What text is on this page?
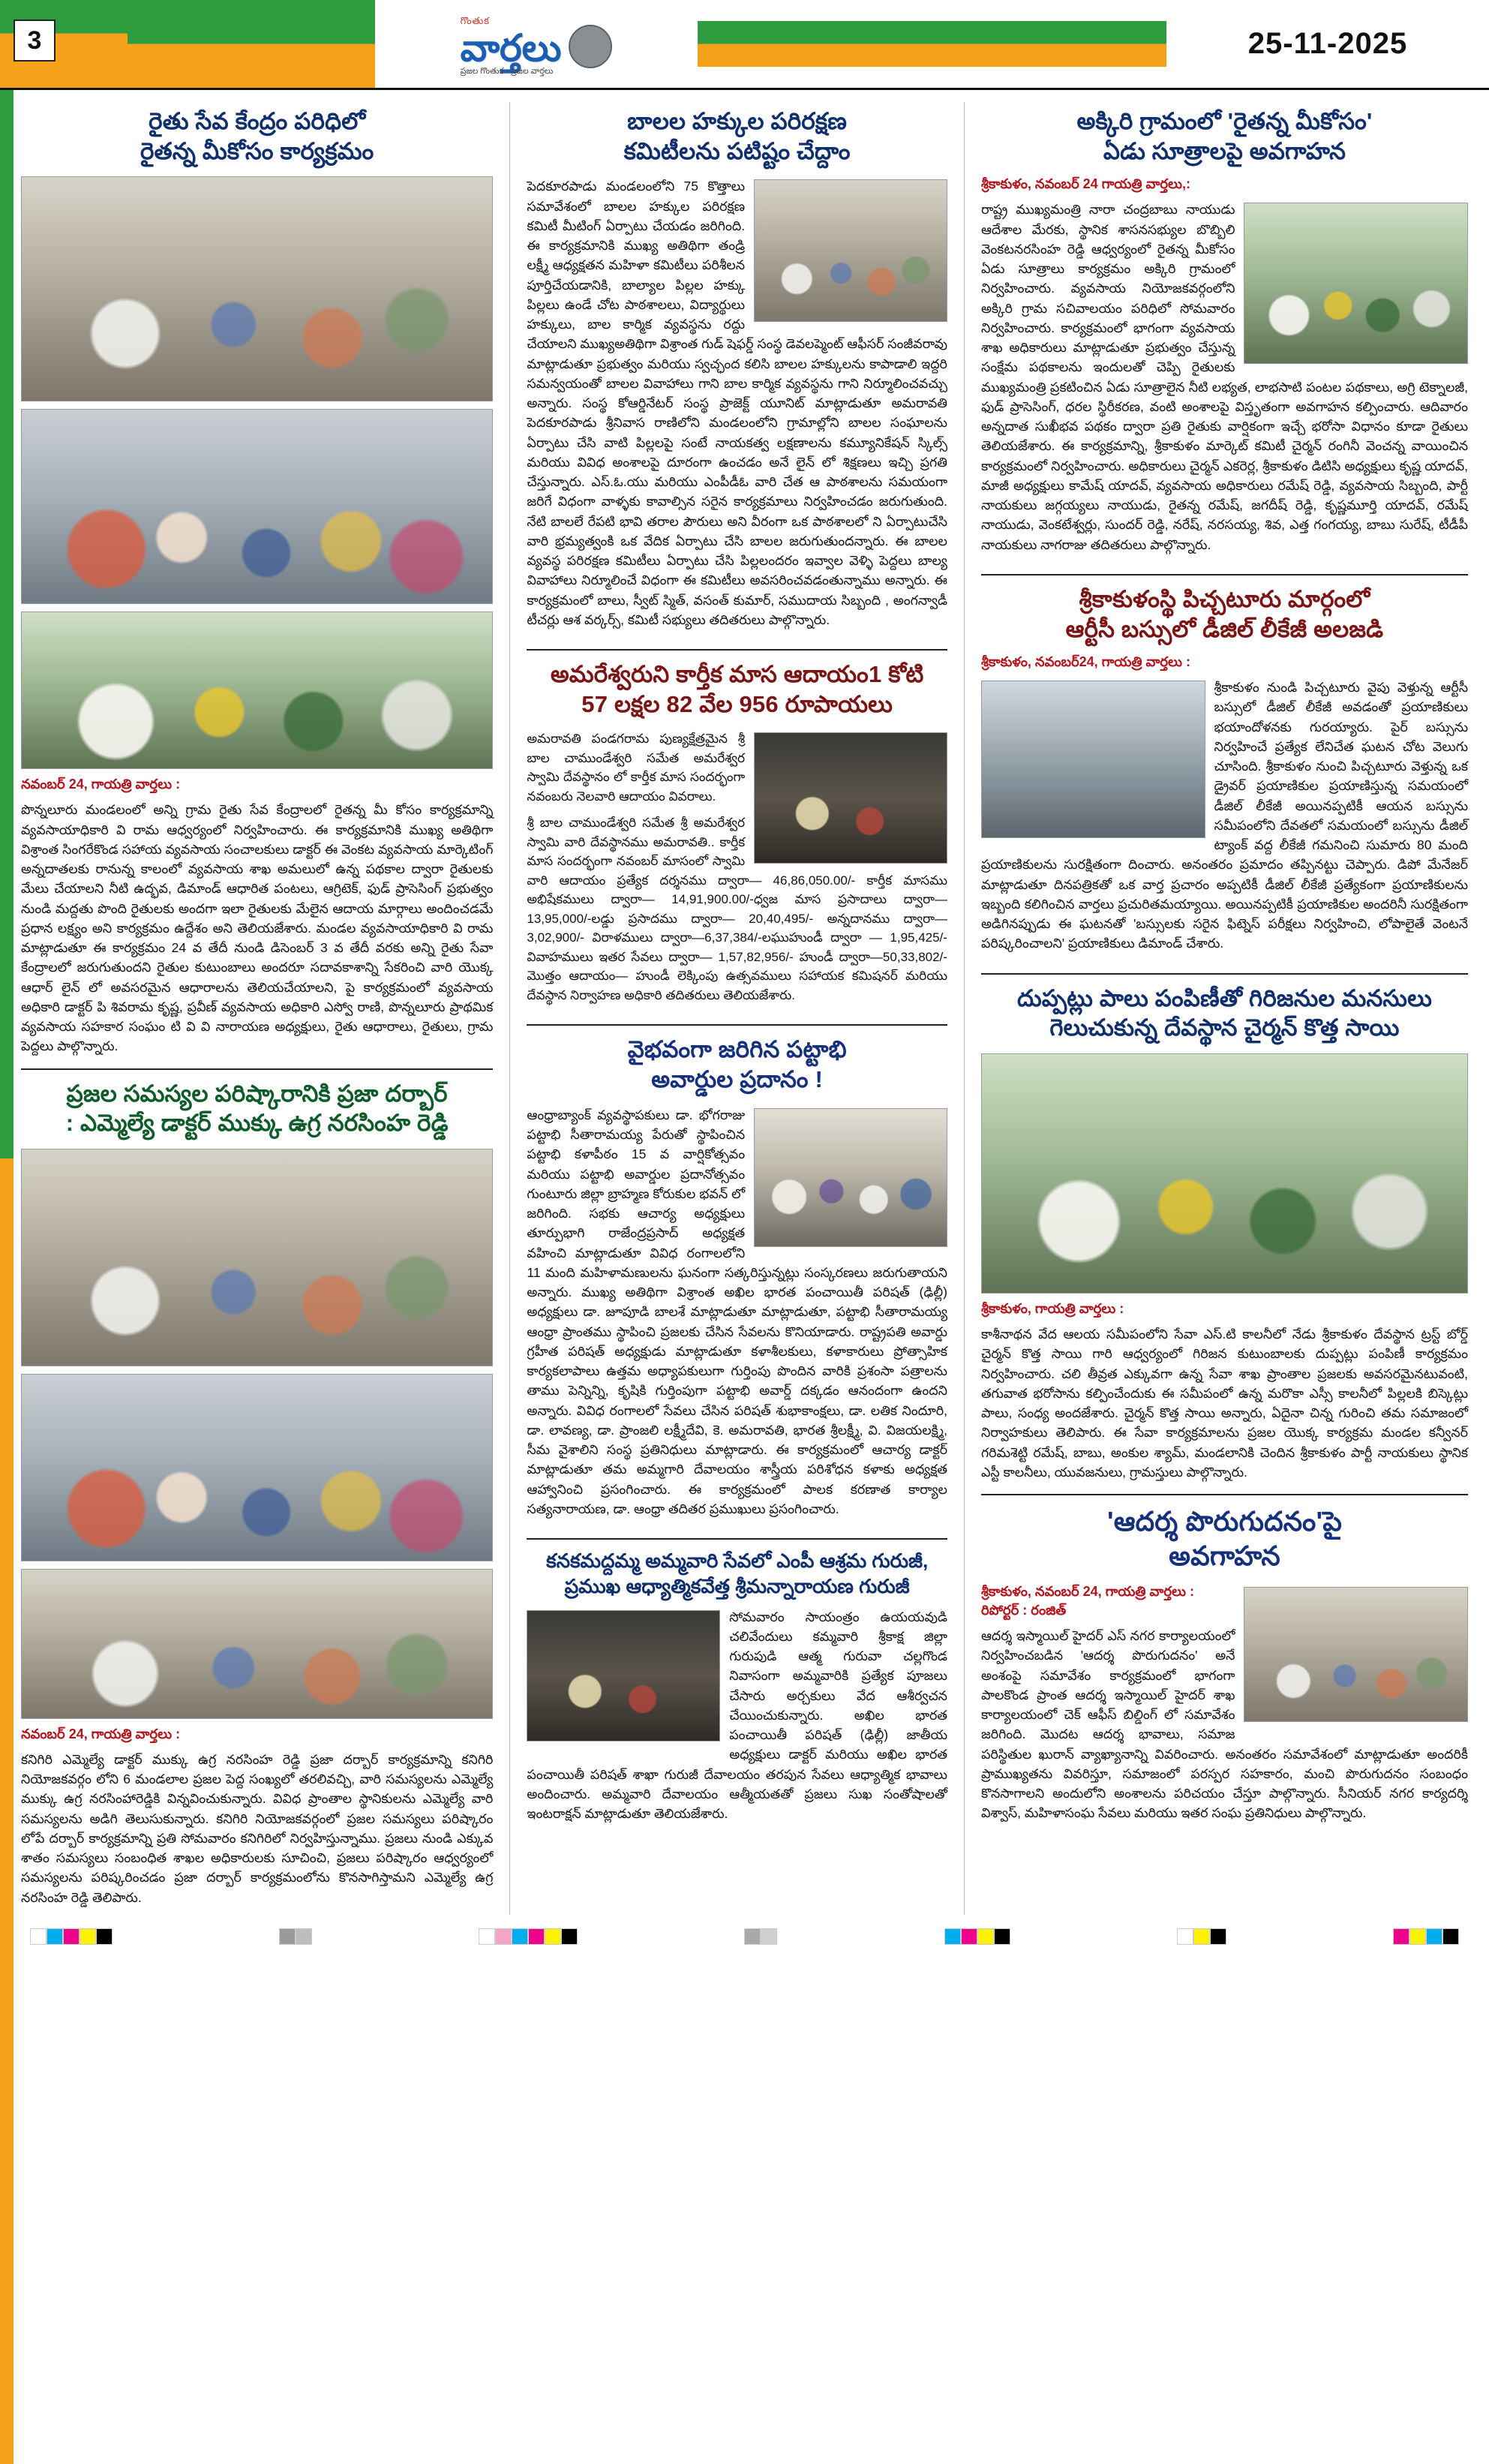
3
గొంతుక
వార్తలు
ప్రజల గొంతుక - ప్రజల వార్తలు
25-11-2025
రైతు సేవ కేంద్రం పరిధిలో
రైతన్న మీకోసం కార్యక్రమం
నవంబర్ 24, గాయత్రి వార్తలు :

పొన్నలూరు మండలంలో అన్ని గ్రామ రైతు సేవ కేంద్రాలలో రైతన్న మీ కోసం కార్యక్రమాన్ని వ్యవసాయాధికారి వి రామ ఆధ్వర్యంలో నిర్వహించారు. ఈ కార్యక్రమానికి ముఖ్య అతిథిగా విశ్రాంత సింగరేకొండ సహాయ వ్యవసాయ సంచాలకులు డాక్టర్ ఈ వెంకట వ్యవసాయ మార్కెటింగ్ అన్నదాతలకు రానున్న కాలంలో వ్యవసాయ శాఖ అమలులో ఉన్న పథకాల ద్వారా రైతులకు మేలు చేయాలని నీటి ఉద్భవ, డిమాండ్ ఆధారిత పంటలు, ఆగ్రిటెక్, ఫుడ్ ప్రాసెసింగ్ ప్రభుత్వం నుండి మద్దతు పొంది రైతులకు అందగా ఇలా రైతులకు మేలైన ఆదాయ మార్గాలు అందించడమే ప్రధాన లక్ష్యం అని కార్యక్రమం ఉద్దేశం అని తెలియజేశారు. మండల వ్యవసాయాధికారి వి రామ మాట్లాడుతూ ఈ కార్యక్రమం 24 వ తేదీ నుండి డిసెంబర్ 3 వ తేదీ వరకు అన్ని రైతు సేవా కేంద్రాలలో జరుగుతుందని రైతుల కుటుంబాలు అందరూ సదావకాశాన్ని సేకరించి వారి యొక్క ఆధార్ లైన్ లో అవసరమైన ఆధారాలను తెలియచేయాలని, పై కార్యక్రమంలో వ్యవసాయ అధికారి డాక్టర్ పి శివరామ కృష్ణ, ప్రవీణ్ వ్యవసాయ అధికారి ఎస్వో రాణి, పొన్నలూరు ప్రాథమిక వ్యవసాయ సహకార సంఘం టి వి వి నారాయణ అధ్యక్షులు, రైతు ఆధారాలు, రైతులు, గ్రామ పెద్దలు పాల్గొన్నారు.

ప్రజల సమస్యల పరిష్కారానికి ప్రజా దర్బార్
: ఎమ్మెల్యే డాక్టర్ ముక్కు ఉగ్ర నరసింహ రెడ్డి
నవంబర్ 24, గాయత్రి వార్తలు :

కనిగిరి ఎమ్మెల్యే డాక్టర్ ముక్కు ఉగ్ర నరసింహ రెడ్డి ప్రజా దర్బార్ కార్యక్రమాన్ని కనిగిరి నియోజకవర్గం లోని 6 మండలాల ప్రజల పెద్ద సంఖ్యలో తరలివచ్చి, వారి సమస్యలను ఎమ్మెల్యే ముక్కు ఉగ్ర నరసింహారెడ్డికి విన్నవించుకున్నారు. వివిధ ప్రాంతాల స్థానికులను ఎమ్మెల్యే వారి సమస్యలను అడిగి తెలుసుకున్నారు. కనిగిరి నియోజకవర్గంలో ప్రజల సమస్యలు పరిష్కారం లోపే దర్బార్ కార్యక్రమాన్ని ప్రతి సోమవారం కనిగిరిలో నిర్వహిస్తున్నాము. ప్రజలు నుండి ఎక్కువ శాతం సమస్యలు సంబంధిత శాఖల అధికారులకు సూచించి, ప్రజలు పరిష్కారం ఆధ్వర్యంలో సమస్యలను పరిష్కరించడం ప్రజా దర్బార్ కార్యక్రమంలోను కొనసాగిస్తామని ఎమ్మెల్యే ఉగ్ర నరసింహ రెడ్డి తెలిపారు.

బాలల హక్కుల పరిరక్షణ
కమిటీలను పటిష్టం చేద్దాం

పెదకూరపాడు మండలంలోని 75 కొత్తాలు సమావేశంలో బాలల హక్కుల పరిరక్షణ కమిటీ మీటింగ్ ఏర్పాటు చేయడం జరిగింది. ఈ కార్యక్రమానికి ముఖ్య అతిథిగా తండ్రి లక్ష్మీ ఆధ్యక్షతన మహిళా కమిటీలు పరిశీలన పూర్తిచేయడానికి, బాల్యాల పిల్లల హక్కు పిల్లలు ఉండే చోట పాఠశాలలు, విద్యార్థులు హక్కులు, బాల కార్మిక వ్యవస్థను రద్దు చేయాలని ముఖ్యఅతిథిగా విశ్రాంత గుడ్ షెఫర్డ్ సంస్థ డెవలప్మెంట్ ఆఫీసర్ సంజీవరావు మాట్లాడుతూ ప్రభుత్వం మరియు స్వచ్ఛంద కలిసి బాలల హక్కులను కాపాడాలి ఇద్దరి సమన్వయంతో బాలల వివాహాలు గాని బాల కార్మిక వ్యవస్థను గాని నిర్మూలించవచ్చు అన్నారు. సంస్థ కోఆర్డినేటర్ సంస్థ ప్రాజెక్ట్ యూనిట్ మాట్లాడుతూ అమరావతి పెదకూరపాడు శ్రీనివాస రాణిలోని మండలంలోని గ్రామాల్లోని బాలల సంఘాలను ఏర్పాటు చేసి వాటి పిల్లలపై సంటే నాయకత్వ లక్షణాలను కమ్యూనికేషన్ స్కిల్స్ మరియు వివిధ అంశాలపై దూరంగా ఉంచడం అనే లైన్ లో శిక్షణలు ఇచ్చి ప్రగతి చేస్తున్నారు. ఎస్.ఓ.యు మరియు ఎంపీడీఓ వారి చేత ఆ పాఠశాలను సమయంగా జరిగే విధంగా వాళ్ళకు కావాల్సిన సరైన కార్యక్రమాలు నిర్వహించడం జరుగుతుంది. నేటి బాలలే రేపటి భావి తరాల పౌరులు అని వీరంగా ఒక పాఠశాలలో ని ఏర్పాటుచేసి వారి భ్రమ్యత్వంకి ఒక వేదిక ఏర్పాటు చేసి బాలల జరుగుతుందన్నారు. ఈ బాలల వ్యవస్థ పరిరక్షణ కమిటీలు ఏర్పాటు చేసి పిల్లలందరం ఇవ్వాల వెళ్ళి పెద్దలు బాల్య వివాహాలు నిర్మూలించే విధంగా ఈ కమిటీలు అవసరించవడంతున్నాము అన్నారు. ఈ కార్యక్రమంలో బాలు, స్వీట్ స్మిత్, వసంత్ కుమార్, సముదాయ సిబ్బంది , అంగన్వాడీ టీచర్లు ఆశ వర్కర్స్, కమిటీ సభ్యులు తదితరులు పాల్గొన్నారు.

అమరేశ్వరుని కార్తీక మాస ఆదాయం1 కోటి
57 లక్షల 82 వేల 956 రూపాయలు

అమరావతి పండగరామ పుణ్యక్షేత్రమైన శ్రీ బాల చాముండేశ్వరి సమేత అమరేశ్వర స్వామి దేవస్థానం లో కార్తీక మాస సందర్భంగా నవంబరు నెలవారి ఆదాయం వివరాలు.

శ్రీ బాల చాముండేశ్వరి సమేత శ్రీ అమరేశ్వర స్వామి వారి దేవస్థానము అమరావతి.. కార్తీక మాస సందర్భంగా నవంబర్ మాసంలో స్వామి వారి ఆదాయం ప్రత్యేక దర్శనము ద్వారా— 46,86,050.00/- కార్తీక మాసము అభిషేకములు ద్వారా— 14,91,900.00/-ధ్వజ మాస ప్రసాదాలు ద్వారా— 13,95,000/-లడ్డు ప్రసాదము ద్వారా— 20,40,495/- అన్నదానము ద్వారా— 3,02,900/- విరాళములు ద్వారా—6,37,384/-లఘుహుండీ ద్వారా — 1,95,425/- వివాహములు ఇతర సేవలు ద్వారా— 1,57,82,956/- హుండీ ద్వారా—50,33,802/-మొత్తం ఆదాయం— హుండీ లెక్కింపు ఉత్సవములు సహాయక కమిషనర్ మరియు దేవస్థాన నిర్వాహణ అధికారి తదితరులు తెలియజేశారు.

వైభవంగా జరిగిన పట్టాభి
అవార్డుల ప్రదానం !

ఆంధ్రాబ్యాంక్ వ్యవస్థాపకులు డా. భోగరాజు పట్టాభి సీతారామయ్య పేరుతో స్థాపించిన పట్టాభి కళాపీఠం 15 వ వార్షికోత్సవం మరియు పట్టాభి అవార్డుల ప్రదానోత్సవం గుంటూరు జిల్లా బ్రాహ్మణ కోరుకుల భవన్ లో జరిగింది. సభకు ఆచార్య అధ్యక్షులు తూర్పుభాగి రాజేంద్రప్రసాద్ అధ్యక్షత వహించి మాట్లాడుతూ వివిధ రంగాలలోని 11 మంది మహిళామణులను ఘనంగా సత్కరిస్తున్నట్లు సంస్కరణలు జరుగుతాయని అన్నారు. ముఖ్య అతిథిగా విశ్రాంత అఖిల భారత పంచాయితీ పరిషత్ (ఢిల్లీ) అధ్యక్షులు డా. జూపూడి బాలశే మాట్లాడుతూ మాట్లాడుతూ, పట్టాభి సీతారామయ్య ఆంధ్రా ప్రాంతము స్థాపించి ప్రజలకు చేసిన సేవలను కొనియాడారు. రాష్ట్రపతి అవార్డు గ్రహీత పరిషత్ అధ్యక్షుడు మాట్లాడుతూ కళాశీలకులు, కళాకారులు ప్రోత్సాహిక కార్యకలాపాలు ఉత్తమ అధ్యాపకులుగా గుర్తింపు పొందిన వారికి ప్రశంసా పత్రాలను తాము పెన్నిన్ని, కృషికి గుర్తింపుగా పట్టాభి అవార్డ్ దక్కడం ఆనందంగా ఉందని అన్నారు. వివిధ రంగాలలో సేవలు చేసిన పరిషత్ శుభాకాంక్షలు, డా. లతిక నిందూరి, డా. లావణ్య, డా. ప్రాంజలి లక్ష్మీదేవి, కె. అమరావతి, భారత శ్రీలక్ష్మీ, వి. విజయలక్ష్మి, సీమ వైశాలిని సంస్థ ప్రతినిధులు మాట్లాడారు. ఈ కార్యక్రమంలో ఆచార్య డాక్టర్ మాట్లాడుతూ తమ అమ్మగారి దేవాలయం శాస్త్రీయ పరిశోధన కళాకు అధ్యక్షత ఆహ్వానించి ప్రసంగించారు. ఈ కార్యక్రమంలో పాలక కరణాత కార్యాల సత్యనారాయణ, డా. ఆంధ్రా తదితర ప్రముఖులు ప్రసంగించారు.

కనకమద్దమ్మ అమ్మవారి సేవలో ఎంపీ ఆశ్రమ గురుజీ,
ప్రముఖ ఆధ్యాత్మికవేత్త శ్రీమన్నారాయణ గురుజీ

సోమవారం సాయంత్రం ఉయయవుడి చలివేందులు కమ్మవారి శ్రీకాక్ష జిల్లా గురుపుడి ఆత్మ గురువా చల్లగొండ నివాసంగా అమ్మవారికి ప్రత్యేక పూజలు చేసారు అర్చకులు వేద ఆశీర్వచన చేయించుకున్నారు. అఖిల భారత పంచాయితీ పరిషత్ (ఢిల్లీ) జాతీయ అధ్యక్షులు డాక్టర్ మరియు అఖిల భారత పంచాయితీ పరిషత్ శాఖా గురుజీ దేవాలయం తరపున సేవలు ఆధ్యాత్మిక భావాలు అందించారు. అమ్మవారి దేవాలయం ఆత్మీయతతో ప్రజలు సుఖ సంతోషాలతో ఇంటరాక్షన్ మాట్లాడుతూ తెలియజేశారు.

అక్కిరి గ్రామంలో 'రైతన్న మీకోసం'
ఏడు సూత్రాలపై అవగాహన
శ్రీకాకుళం, నవంబర్ 24 గాయత్రి వార్తలు,:

రాష్ట్ర ముఖ్యమంత్రి నారా చంద్రబాబు నాయుడు ఆదేశాల మేరకు, స్థానిక శాసనసభ్యుల బొబ్బిలి వెంకటనరసింహ రెడ్డి ఆధ్వర్యంలో రైతన్న మీకోసం ఏడు సూత్రాలు కార్యక్రమం అక్కిరి గ్రామంలో నిర్వహించారు. వ్యవసాయ నియోజకవర్గంలోని అక్కిరి గ్రామ సచివాలయం పరిధిలో సోమవారం నిర్వహించారు. కార్యక్రమంలో భాగంగా వ్యవసాయ శాఖ అధికారులు మాట్లాడుతూ ప్రభుత్వం చేస్తున్న సంక్షేమ పథకాలను ఇందులతో చెప్పి రైతులకు ముఖ్యమంత్రి ప్రకటించిన ఏడు సూత్రాలైన నీటి లభ్యత, లాభసాటి పంటల పథకాలు, అగ్రి టెక్నాలజీ, ఫుడ్ ప్రాసెసింగ్, ధరల స్థిరీకరణ, వంటి అంశాలపై విస్తృతంగా అవగాహన కల్పించారు. ఆదివారం అన్నదాత సుఖీభవ పథకం ద్వారా ప్రతి రైతుకు వార్షికంగా ఇచ్చే భరోసా విధానం కూడా రైతులు తెలియజేశారు. ఈ కార్యక్రమాన్ని, శ్రీకాకుళం మార్కెట్ కమిటీ చైర్మన్ రంగినీ వెంచన్న వాయించిన కార్యక్రమంలో నిర్వహించారు. అధికారులు చైర్మన్ ఎకరెర్ల, శ్రీకాకుళం డిటిసి అధ్యక్షులు కృష్ణ యాదవ్, మాజీ అధ్యక్షులు కామేష్ యాదవ్, వ్యవసాయ అధికారులు రమేష్ రెడ్డి, వ్యవసాయ సిబ్బంది, పార్టీ నాయకులు జగ్గయ్యలు నాయుడు, రైతన్న రమేష్, జగదీష్ రెడ్డి, కృష్ణమూర్తి యాదవ్, రమేష్ నాయుడు, వెంకటేశ్వర్లు, సుందర్ రెడ్డి, నరేష్, నరసయ్య, శివ, ఎత్త గంగయ్య, బాబు సురేష్, టీడీపీ నాయకులు నాగరాజు తదితరులు పాల్గొన్నారు.

శ్రీకాకుళంస్థి పిచ్చటూరు మార్గంలో
ఆర్టీసీ బస్సులో డీజిల్ లీకేజీ అలజడి
శ్రీకాకుళం, నవంబర్24, గాయత్రి వార్తలు :

శ్రీకాకుళం నుండి పిచ్చటూరు వైపు వెళ్తున్న ఆర్టీసీ బస్సులో డీజిల్ లీకేజీ అవడంతో ప్రయాణికులు భయాందోళనకు గురయ్యారు. పైర్ బస్సును నిర్వహించే ప్రత్యేక లేనిచేత ఘటన చోట వెలుగు చూసింది. శ్రీకాకుళం నుంచి పిచ్చటూరు వెళ్తున్న ఒక డ్రైవర్ ప్రయాణికుల ప్రయాణిస్తున్న సమయంలో డీజిల్ లీకేజీ అయినప్పటికీ ఆయన బస్సును సమీపంలోని దేవతలో సమయంలో బస్సును డీజిల్ ట్యాంక్ వద్ద లీకేజీ గమనించి సుమారు 80 మంది ప్రయాణికులను సురక్షితంగా దించారు. అనంతరం ప్రమాదం తప్పినట్టు చెప్పారు. డిపో మేనేజర్ మాట్లాడుతూ దినపత్రికతో ఒక వార్త ప్రచారం అప్పటికీ డీజిల్ లీకేజీ ప్రత్యేకంగా ప్రయాణికులను ఇబ్బంది కలిగించిన వార్తలు ప్రచురితమయ్యాయి. అయినప్పటికీ ప్రయాణికుల అందరినీ సురక్షితంగా అడిగినప్పుడు ఈ ఘటనతో 'బస్సులకు సరైన ఫిట్నెస్ పరీక్షలు నిర్వహించి, లోపాలైతే వెంటనే పరిష్కరించాలని' ప్రయాణికులు డిమాండ్ చేశారు.

దుప్పట్లు పాలు పంపిణీతో గిరిజనుల మనసులు
గెలుచుకున్న దేవస్థాన చైర్మన్ కొత్త సాయి
శ్రీకాకుళం, గాయత్రి వార్తలు :

కాశీనాథన వేద ఆలయ సమీపంలోని సేవా ఎస్.టి కాలనీలో నేడు శ్రీకాకుళం దేవస్థాన ట్రస్ట్ బోర్డ్ చైర్మన్ కొత్త సాయి గారి ఆధ్వర్యంలో గిరిజన కుటుంబాలకు దుప్పట్లు పంపిణీ కార్యక్రమం నిర్వహించారు. చలి తీవ్రత ఎక్కువగా ఉన్న సేవా శాఖ ప్రాంతాల ప్రజలకు అవసరమైనటువంటి, తగువాత భరోసాను కల్పించేందుకు ఈ సమీపంలో ఉన్న మరొకా ఎస్సీ కాలనీలో పిల్లలకి బిస్కెట్లు పాలు, సంధ్య అందజేశారు. చైర్మన్ కొత్త సాయి అన్నారు, ఏదైనా చిన్న గురించి తమ సమాజంలో నిర్వాహకులు తెలిపారు. ఈ సేవా కార్యక్రమాలను ప్రజల యొక్క కార్యక్రమ మండల కన్వీనర్ గరిమశెట్టి రమేష్, బాబు, అంకుల శ్యామ్, మండలానికి చెందిన శ్రీకాకుళం పార్టీ నాయకులు స్థానిక ఎస్టీ కాలనీలు, యువజనులు, గ్రామస్తులు పాల్గొన్నారు.

'ఆదర్శ పొరుగుదనం'పై
అవగాహన
శ్రీకాకుళం, నవంబర్ 24, గాయత్రి వార్తలు : రిపోర్టర్ : రంజిత్

ఆదర్శ ఇస్మాయిల్ హైదర్ ఎస్ నగర కార్యాలయంలో నిర్వహించబడిన 'ఆదర్శ పొరుగుదనం' అనే అంశంపై సమావేశం కార్యక్రమంలో భాగంగా పాలకొండ ప్రాంత ఆదర్శ ఇస్మాయిల్ హైదర్ శాఖ కార్యాలయంలో చెక్ ఆఫీస్ బిల్డింగ్ లో సమావేశం జరిగింది. మొదట ఆదర్శ భావాలు, సమాజ పరిస్థితుల ఖురాన్ వ్యాఖ్యానాన్ని వివరించారు. అనంతరం సమావేశంలో మాట్లాడుతూ అందరికీ ప్రాముఖ్యతను వివరిస్తూ, సమాజంలో పరస్పర సహకారం, మంచి పొరుగుదనం సంబంధం కొనసాగాలని అందులోని అంశాలను పరిచయం చేస్తూ పాల్గొన్నారు. సీనియర్ నగర కార్యదర్శి విశ్వాస్, మహిళాసంఘ సేవలు మరియు ఇతర సంఘ ప్రతినిధులు పాల్గొన్నారు.
